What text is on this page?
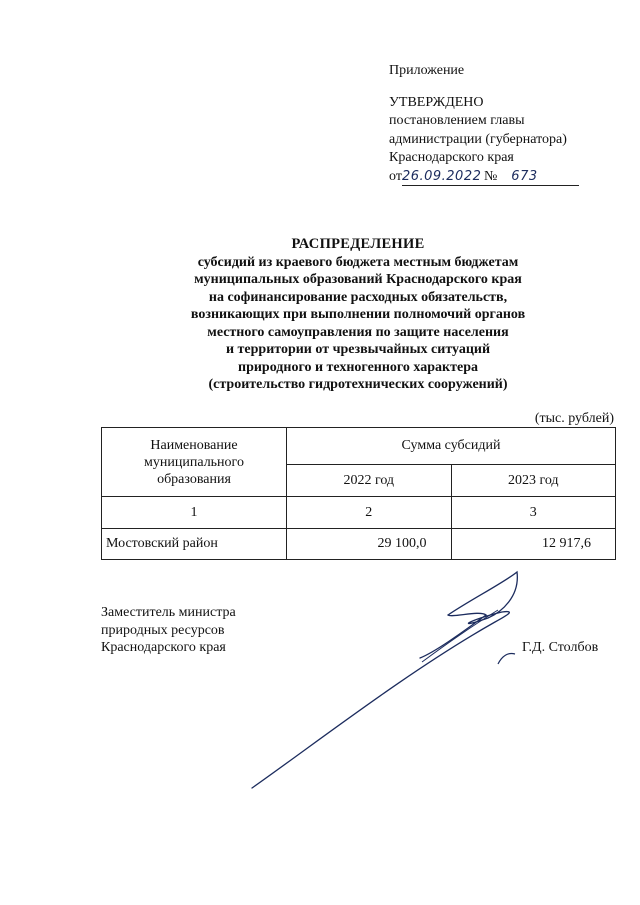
Приложение
УТВЕРЖДЕНО
постановлением главы
администрации (губернатора)
Краснодарского края
от 26.09.2022 №	673
РАСПРЕДЕЛЕНИЕ
субсидий из краевого бюджета местным бюджетам
муниципальных образований Краснодарского края
на софинансирование расходных обязательств,
возникающих при выполнении полномочий органов
местного самоуправления по защите населения
и территории от чрезвычайных ситуаций
природного и техногенного характера
(строительство гидротехнических сооружений)
(тыс. рублей)
Наименование муниципального образования	Сумма субсидий	
	2022 год	2023 год
1	2	3
Мостовский район	29 100,0	12 917,6
Заместитель министра
природных ресурсов
Краснодарского края	Г.Д. Столбов
